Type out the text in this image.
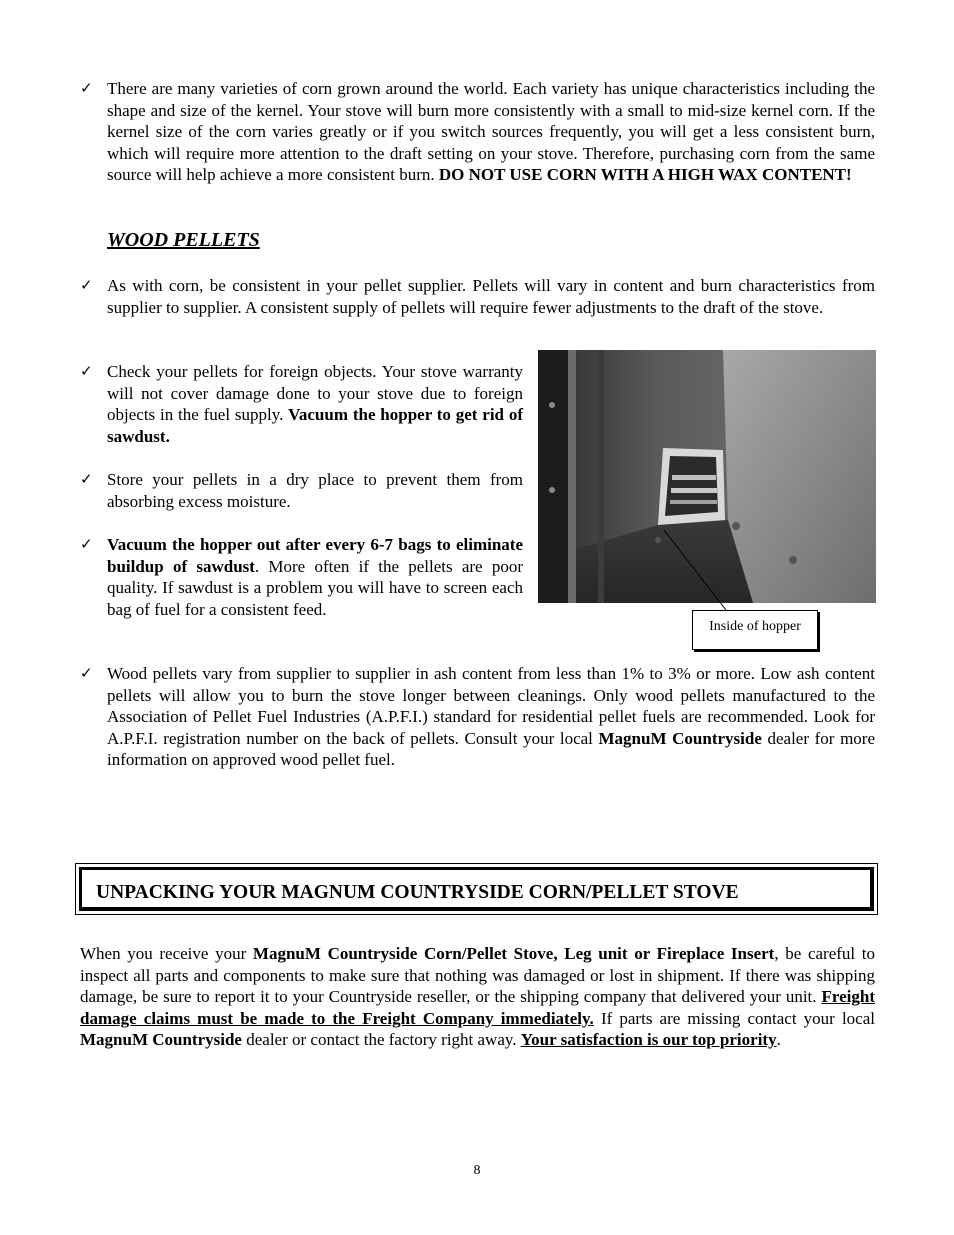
✓ There are many varieties of corn grown around the world. Each variety has unique characteristics including the shape and size of the kernel. Your stove will burn more consistently with a small to mid-size kernel corn. If the kernel size of the corn varies greatly or if you switch sources frequently, you will get a less consistent burn, which will require more attention to the draft setting on your stove. Therefore, purchasing corn from the same source will help achieve a more consistent burn. DO NOT USE CORN WITH A HIGH WAX CONTENT!
WOOD PELLETS
✓ As with corn, be consistent in your pellet supplier. Pellets will vary in content and burn characteristics from supplier to supplier. A consistent supply of pellets will require fewer adjustments to the draft of the stove.
✓ Check your pellets for foreign objects. Your stove warranty will not cover damage done to your stove due to foreign objects in the fuel supply. Vacuum the hopper to get rid of sawdust.
✓ Store your pellets in a dry place to prevent them from absorbing excess moisture.
✓ Vacuum the hopper out after every 6-7 bags to eliminate buildup of sawdust. More often if the pellets are poor quality. If sawdust is a problem you will have to screen each bag of fuel for a consistent feed.
Inside of hopper
✓ Wood pellets vary from supplier to supplier in ash content from less than 1% to 3% or more. Low ash content pellets will allow you to burn the stove longer between cleanings. Only wood pellets manufactured to the Association of Pellet Fuel Industries (A.P.F.I.) standard for residential pellet fuels are recommended. Look for A.P.F.I. registration number on the back of pellets. Consult your local MagnuM Countryside dealer for more information on approved wood pellet fuel.
UNPACKING YOUR MAGNUM COUNTRYSIDE CORN/PELLET STOVE
When you receive your MagnuM Countryside Corn/Pellet Stove, Leg unit or Fireplace Insert, be careful to inspect all parts and components to make sure that nothing was damaged or lost in shipment. If there was shipping damage, be sure to report it to your Countryside reseller, or the shipping company that delivered your unit. Freight damage claims must be made to the Freight Company immediately. If parts are missing contact your local MagnuM Countryside dealer or contact the factory right away. Your satisfaction is our top priority.
8
